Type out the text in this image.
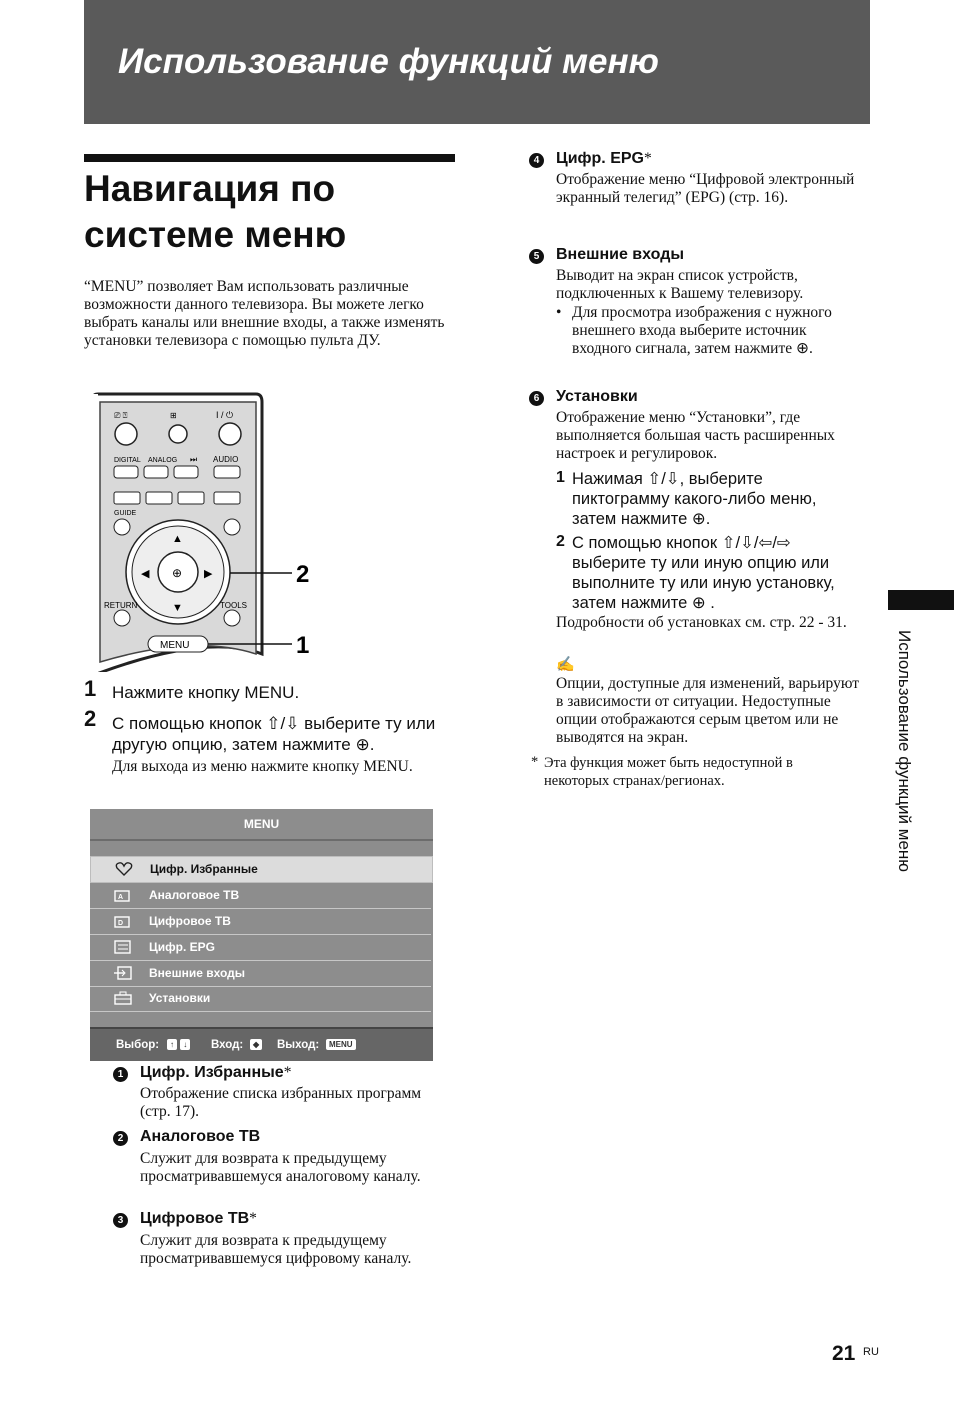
Использование функций меню
Навигация по
системе меню
“MENU” позволяет Вам использовать различные возможности данного телевизора. Вы можете легко выбрать каналы или внешние входы, а также изменять установки телевизора с помощью пульта ДУ.
⎚ ⍰	⊞	I / ⏻
DIGITAL ANALOG ⏭ AUDIO
GUIDE
⊕
▲
▼
◀	▶
RETURN	TOOLS
MENU
2
1
1 Нажмите кнопку MENU.
2 С помощью кнопок ⇧/⇩ выберите ту или другую опцию, затем нажмите ⊕.
Для выхода из меню нажмите кнопку MENU.
MENU
Цифр. Избранные
A Аналоговое ТВ
D Цифровое ТВ
Цифр. EPG
Внешние входы
Установки
Выбор:	↑ ↓ Вход:	◆ Выход:	MENU
1 Цифр. Избранные*
Отображение списка избранных программ (стр. 17).
2 Аналоговое ТВ
Служит для возврата к предыдущему просматривавшемуся аналоговому каналу.
3 Цифровое ТВ*
Служит для возврата к предыдущему просматривавшемуся цифровому каналу.
4 Цифр. EPG*
Отображение меню “Цифровой электронный экранный телегид” (EPG) (стр. 16).
5 Внешние входы
Выводит на экран список устройств, подключенных к Вашему телевизору.
• Для просмотра изображения с нужного внешнего входа выберите источник входного сигнала, затем нажмите ⊕.
6 Установки
Отображение меню “Установки”, где выполняется большая часть расширенных настроек и регулировок.
1 Нажимая ⇧/⇩, выберите пиктограмму какого-либо меню, затем нажмите ⊕.
2 С помощью кнопок ⇧/⇩/⇦/⇨ выберите ту или иную опцию или выполните ту или иную установку, затем нажмите ⊕ .
Подробности об установках см. стр. 22 - 31.
✍
Опции, доступные для изменений, варьируют в зависимости от ситуации. Недоступные опции отображаются серым цветом или не выводятся на экран.
* Эта функция может быть недоступной в некоторых странах/регионах.	Использование функций меню
21 RU
